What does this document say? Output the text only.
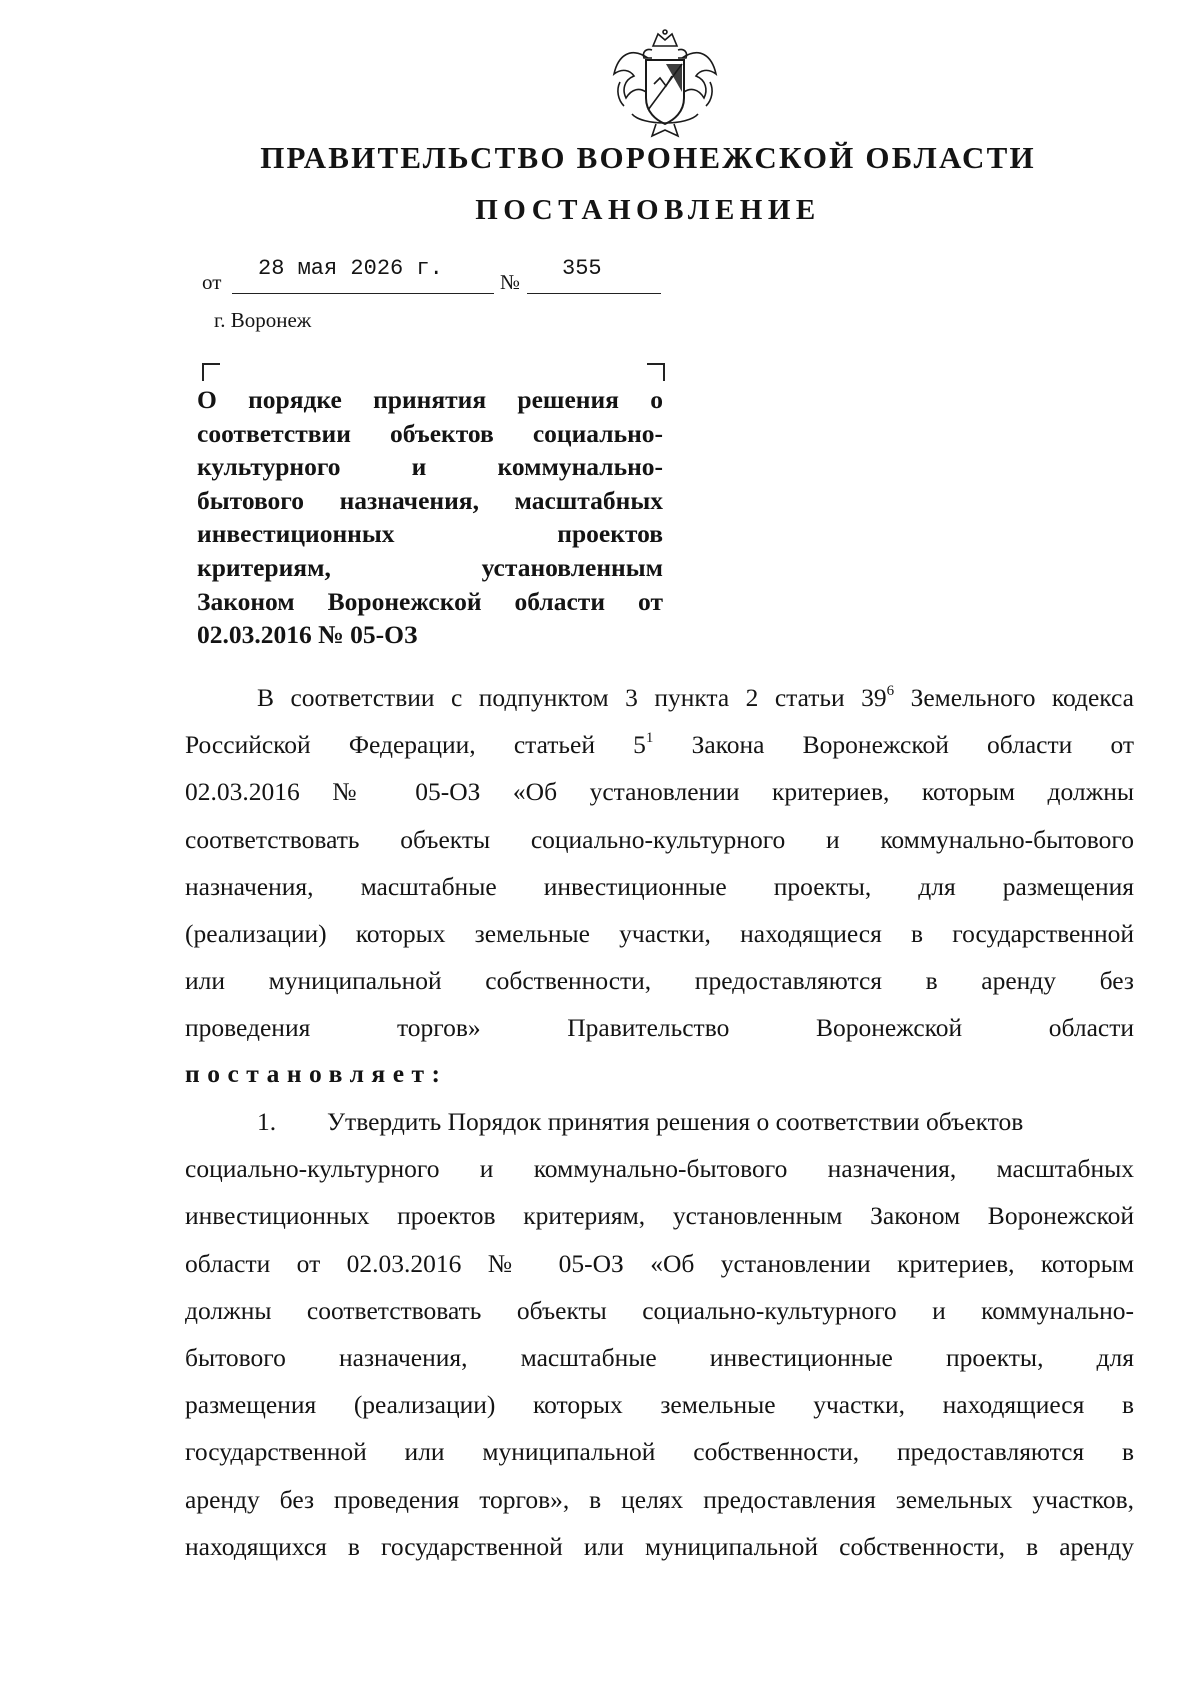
ПРАВИТЕЛЬСТВО ВОРОНЕЖСКОЙ ОБЛАСТИ
ПОСТАНОВЛЕНИЕ
от
28 мая 2026 г.
№
355
г. Воронеж
О порядке принятия решения о
соответствии объектов социально-
культурного и коммунально-
бытового назначения, масштабных
инвестиционных проектов
критериям, установленным
Законом Воронежской области от
02.03.2016 № 05-ОЗ
В соответствии с подпунктом 3 пункта 2 статьи $39^6$ Земельного кодекса
Российской Федерации, статьей $5^1$ Закона Воронежской области от
02.03.2016 № 05-ОЗ «Об установлении критериев, которым должны
соответствовать объекты социально-культурного и коммунально-бытового
назначения, масштабные инвестиционные проекты, для размещения
(реализации) которых земельные участки, находящиеся в государственной
или муниципальной собственности, предоставляются в аренду без
проведения торгов» Правительство Воронежской области
постановляет:
1. Утвердить Порядок принятия решения о соответствии объектов
социально-культурного и коммунально-бытового назначения, масштабных
инвестиционных проектов критериям, установленным Законом Воронежской
области от 02.03.2016 № 05-ОЗ «Об установлении критериев, которым
должны соответствовать объекты социально-культурного и коммунально-
бытового назначения, масштабные инвестиционные проекты, для
размещения (реализации) которых земельные участки, находящиеся в
государственной или муниципальной собственности, предоставляются в
аренду без проведения торгов», в целях предоставления земельных участков,
находящихся в государственной или муниципальной собственности, в аренду
